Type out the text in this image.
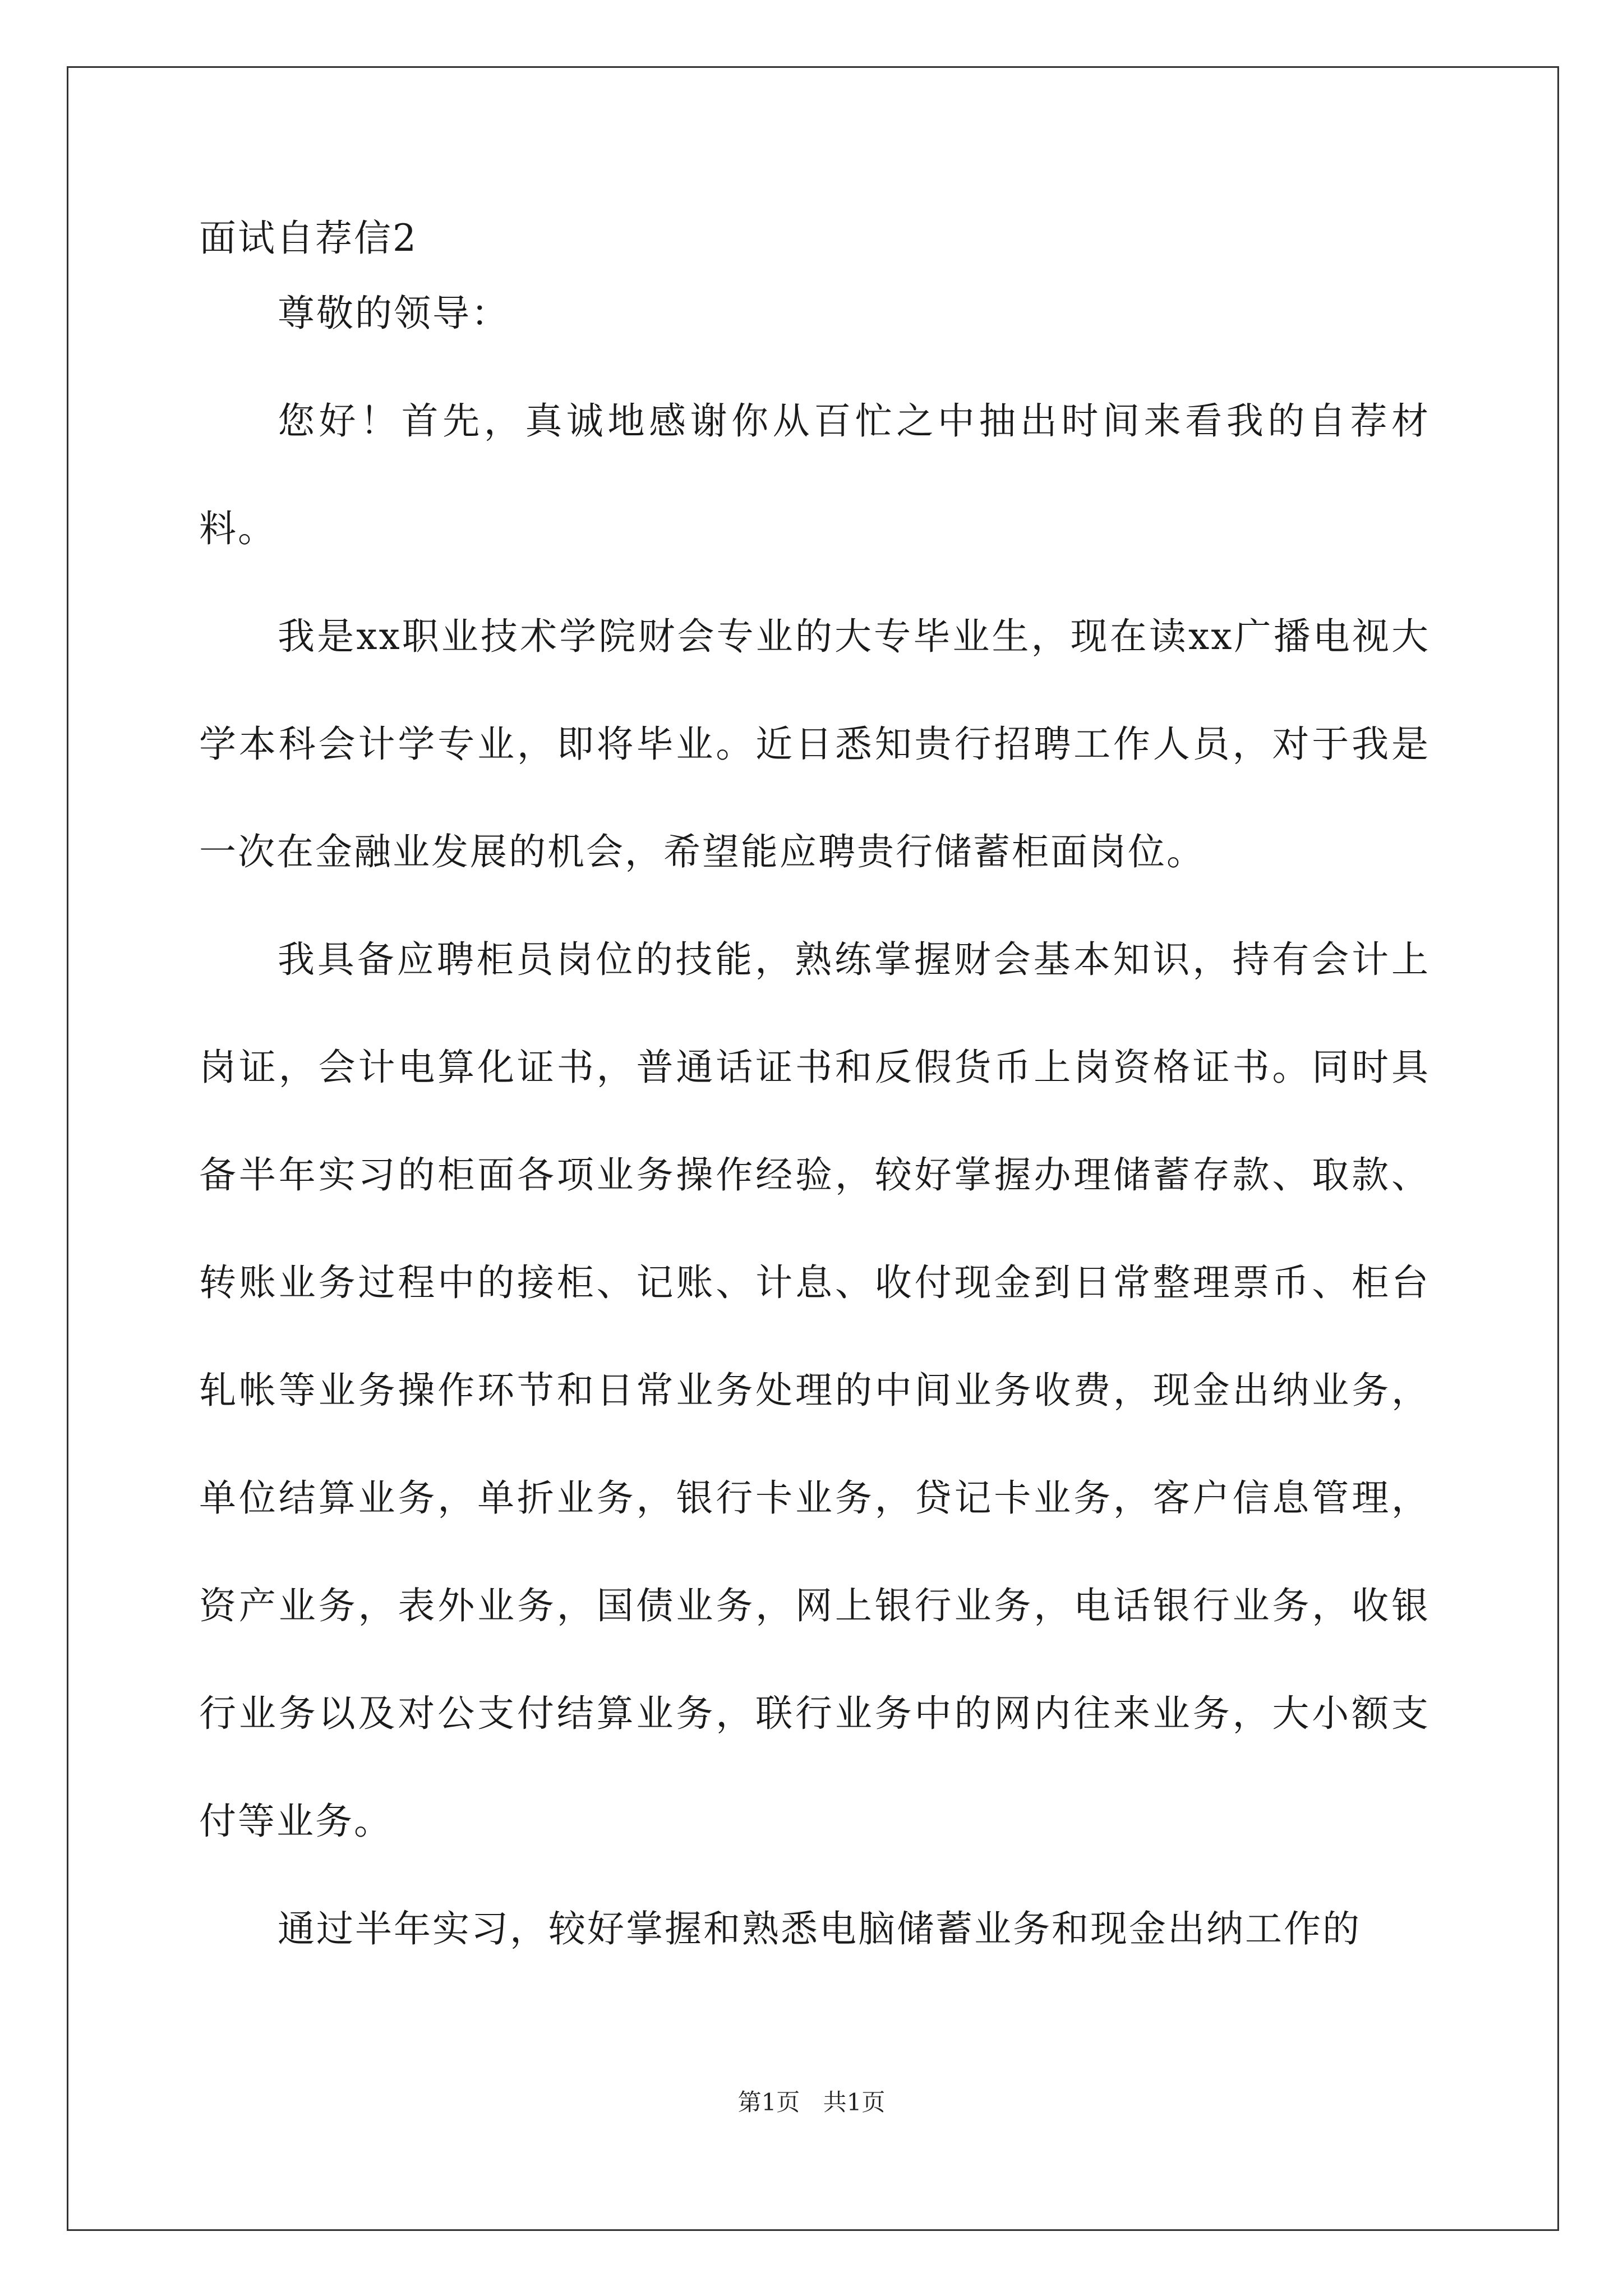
面试自荐信2

尊敬的领导：

您好！首先，真诚地感谢你从百忙之中抽出时间来看我的自荐材料。

我是xx职业技术学院财会专业的大专毕业生，现在读xx广播电视大学本科会计学专业，即将毕业。近日悉知贵行招聘工作人员，对于我是一次在金融业发展的机会，希望能应聘贵行储蓄柜面岗位。

我具备应聘柜员岗位的技能，熟练掌握财会基本知识，持有会计上岗证，会计电算化证书，普通话证书和反假货币上岗资格证书。同时具备半年实习的柜面各项业务操作经验，较好掌握办理储蓄存款、取款、转账业务过程中的接柜、记账、计息、收付现金到日常整理票币、柜台轧帐等业务操作环节和日常业务处理的中间业务收费，现金出纳业务，单位结算业务，单折业务，银行卡业务，贷记卡业务，客户信息管理，资产业务，表外业务，国债业务，网上银行业务，电话银行业务，收银行业务以及对公支付结算业务，联行业务中的网内往来业务，大小额支付等业务。

通过半年实习，较好掌握和熟悉电脑储蓄业务和现金出纳工作的

第1页 共1页
